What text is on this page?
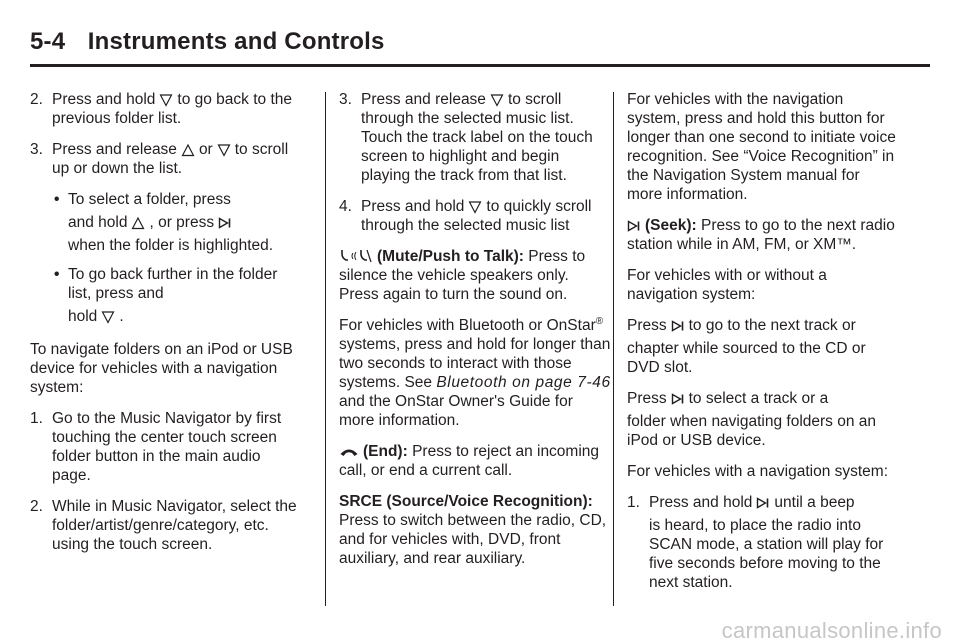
5-4 Instruments and Controls
2. Press and hold to go back to the previous folder list.
3. Press and release or to scroll up or down the list.
• To select a folder, press
and hold , or press
when the folder is highlighted.
• To go back further in the folder list, press and
hold .

To navigate folders on an iPod or USB device for vehicles with a navigation system:

1. Go to the Music Navigator by first touching the center touch screen folder button in the main audio page.
2. While in Music Navigator, select the folder/artist/genre/category, etc. using the touch screen.
3. Press and release to scroll through the selected music list. Touch the track label on the touch screen to highlight and begin playing the track from that list.
4. Press and hold to quickly scroll through the selected music list

(Mute/Push to Talk): Press to silence the vehicle speakers only. Press again to turn the sound on.

For vehicles with Bluetooth or OnStar® systems, press and hold for longer than two seconds to interact with those systems. See Bluetooth on page 7‑46 and the OnStar Owner's Guide for more information.

(End): Press to reject an incoming call, or end a current call.

SRCE (Source/Voice Recognition): Press to switch between the radio, CD, and for vehicles with, DVD, front auxiliary, and rear auxiliary.

For vehicles with the navigation system, press and hold this button for longer than one second to initiate voice recognition. See “Voice Recognition” in the Navigation System manual for more information.

(Seek): Press to go to the next radio station while in AM, FM, or XM™.

For vehicles with or without a navigation system:

Press to go to the next track or
chapter while sourced to the CD or DVD slot.

Press to select a track or a
folder when navigating folders on an iPod or USB device.

For vehicles with a navigation system:

1. Press and hold until a beep
is heard, to place the radio into SCAN mode, a station will play for five seconds before moving to the next station.
carmanualsonline.info
